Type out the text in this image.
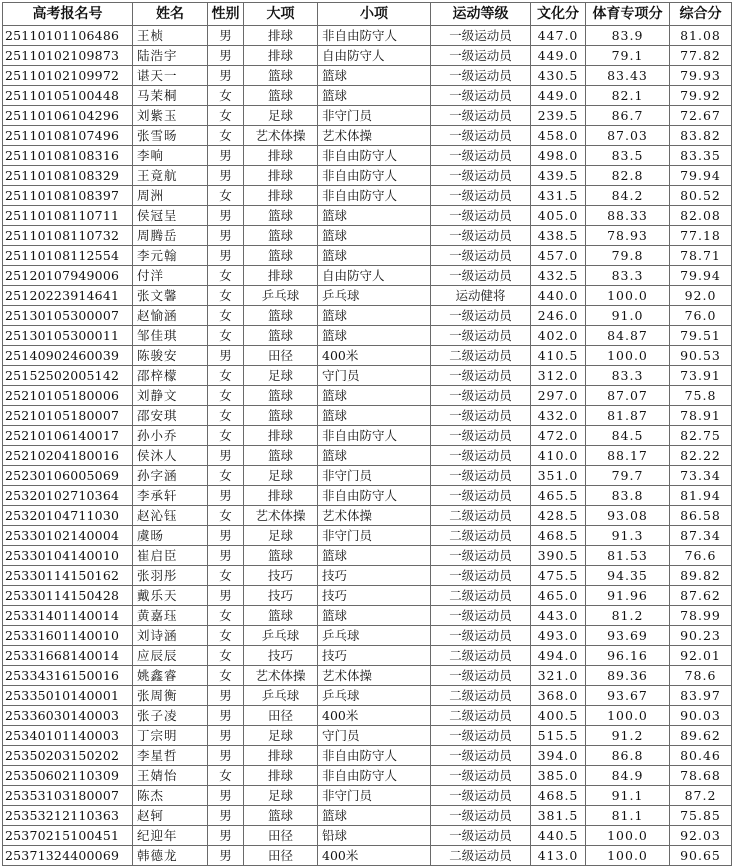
高考报名号	姓名	性别	大项	小项	运动等级	文化分	体育专项分	综合分
25110101106486	王桢	男	排球	非自由防守人	一级运动员	447.0	83.9	81.08
25110102109873	陆浩宇	男	排球	自由防守人	一级运动员	449.0	79.1	77.82
25110102109972	谌天一	男	篮球	篮球	一级运动员	430.5	83.43	79.93
25110105100448	马茉桐	女	篮球	篮球	一级运动员	449.0	82.1	79.92
25110106104296	刘紫玉	女	足球	非守门员	一级运动员	239.5	86.7	72.67
25110108107496	张雪旸	女	艺术体操	艺术体操	一级运动员	458.0	87.03	83.82
25110108108316	李响	男	排球	非自由防守人	一级运动员	498.0	83.5	83.35
25110108108329	王竟航	男	排球	非自由防守人	一级运动员	439.5	82.8	79.94
25110108108397	周洲	女	排球	非自由防守人	一级运动员	431.5	84.2	80.52
25110108110711	侯冠呈	男	篮球	篮球	一级运动员	405.0	88.33	82.08
25110108110732	周腾岳	男	篮球	篮球	一级运动员	438.5	78.93	77.18
25110108112554	李元翰	男	篮球	篮球	一级运动员	457.0	79.8	78.71
25120107949006	付洋	女	排球	自由防守人	一级运动员	432.5	83.3	79.94
25120223914641	张文馨	女	乒乓球	乒乓球	运动健将	440.0	100.0	92.0
25130105300007	赵愉涵	女	篮球	篮球	一级运动员	246.0	91.0	76.0
25130105300011	邹佳琪	女	篮球	篮球	一级运动员	402.0	84.87	79.51
25140902460039	陈骏安	男	田径	400米	二级运动员	410.5	100.0	90.53
25152502005142	邵梓檬	女	足球	守门员	一级运动员	312.0	83.3	73.91
25210105180006	刘静文	女	篮球	篮球	一级运动员	297.0	87.07	75.8
25210105180007	邵安琪	女	篮球	篮球	一级运动员	432.0	81.87	78.91
25210106140017	孙小乔	女	排球	非自由防守人	一级运动员	472.0	84.5	82.75
25210204180016	侯沐人	男	篮球	篮球	一级运动员	410.0	88.17	82.22
25230106005069	孙字涵	女	足球	非守门员	一级运动员	351.0	79.7	73.34
25320102710364	李承轩	男	排球	非自由防守人	一级运动员	465.5	83.8	81.94
25320104711030	赵沁钰	女	艺术体操	艺术体操	二级运动员	428.5	93.08	86.58
25330102140004	虞旸	男	足球	非守门员	二级运动员	468.5	91.3	87.34
25330104140010	崔启臣	男	篮球	篮球	一级运动员	390.5	81.53	76.6
25330114150162	张羽彤	女	技巧	技巧	一级运动员	475.5	94.35	89.82
25330114150428	戴乐天	男	技巧	技巧	二级运动员	465.0	91.96	87.62
25331401140014	黄嘉珏	女	篮球	篮球	一级运动员	443.0	81.2	78.99
25331601140010	刘诗涵	女	乒乓球	乒乓球	一级运动员	493.0	93.69	90.23
25331668140014	应辰辰	女	技巧	技巧	二级运动员	494.0	96.16	92.01
25334316150016	姚鑫睿	女	艺术体操	艺术体操	一级运动员	321.0	89.36	78.6
25335010140001	张周衡	男	乒乓球	乒乓球	二级运动员	368.0	93.67	83.97
25336030140003	张子凌	男	田径	400米	二级运动员	400.5	100.0	90.03
25340101140003	丁宗明	男	足球	守门员	一级运动员	515.5	91.2	89.62
25350203150202	李星哲	男	排球	非自由防守人	一级运动员	394.0	86.8	80.46
25350602110309	王婧怡	女	排球	非自由防守人	一级运动员	385.0	84.9	78.68
25353103180007	陈杰	男	足球	非守门员	一级运动员	468.5	91.1	87.2
25353212110363	赵轲	男	篮球	篮球	一级运动员	381.5	81.1	75.85
25370215100451	纪迎年	男	田径	铅球	一级运动员	440.5	100.0	92.03
25371324400069	韩德龙	男	田径	400米	二级运动员	413.0	100.0	90.65
